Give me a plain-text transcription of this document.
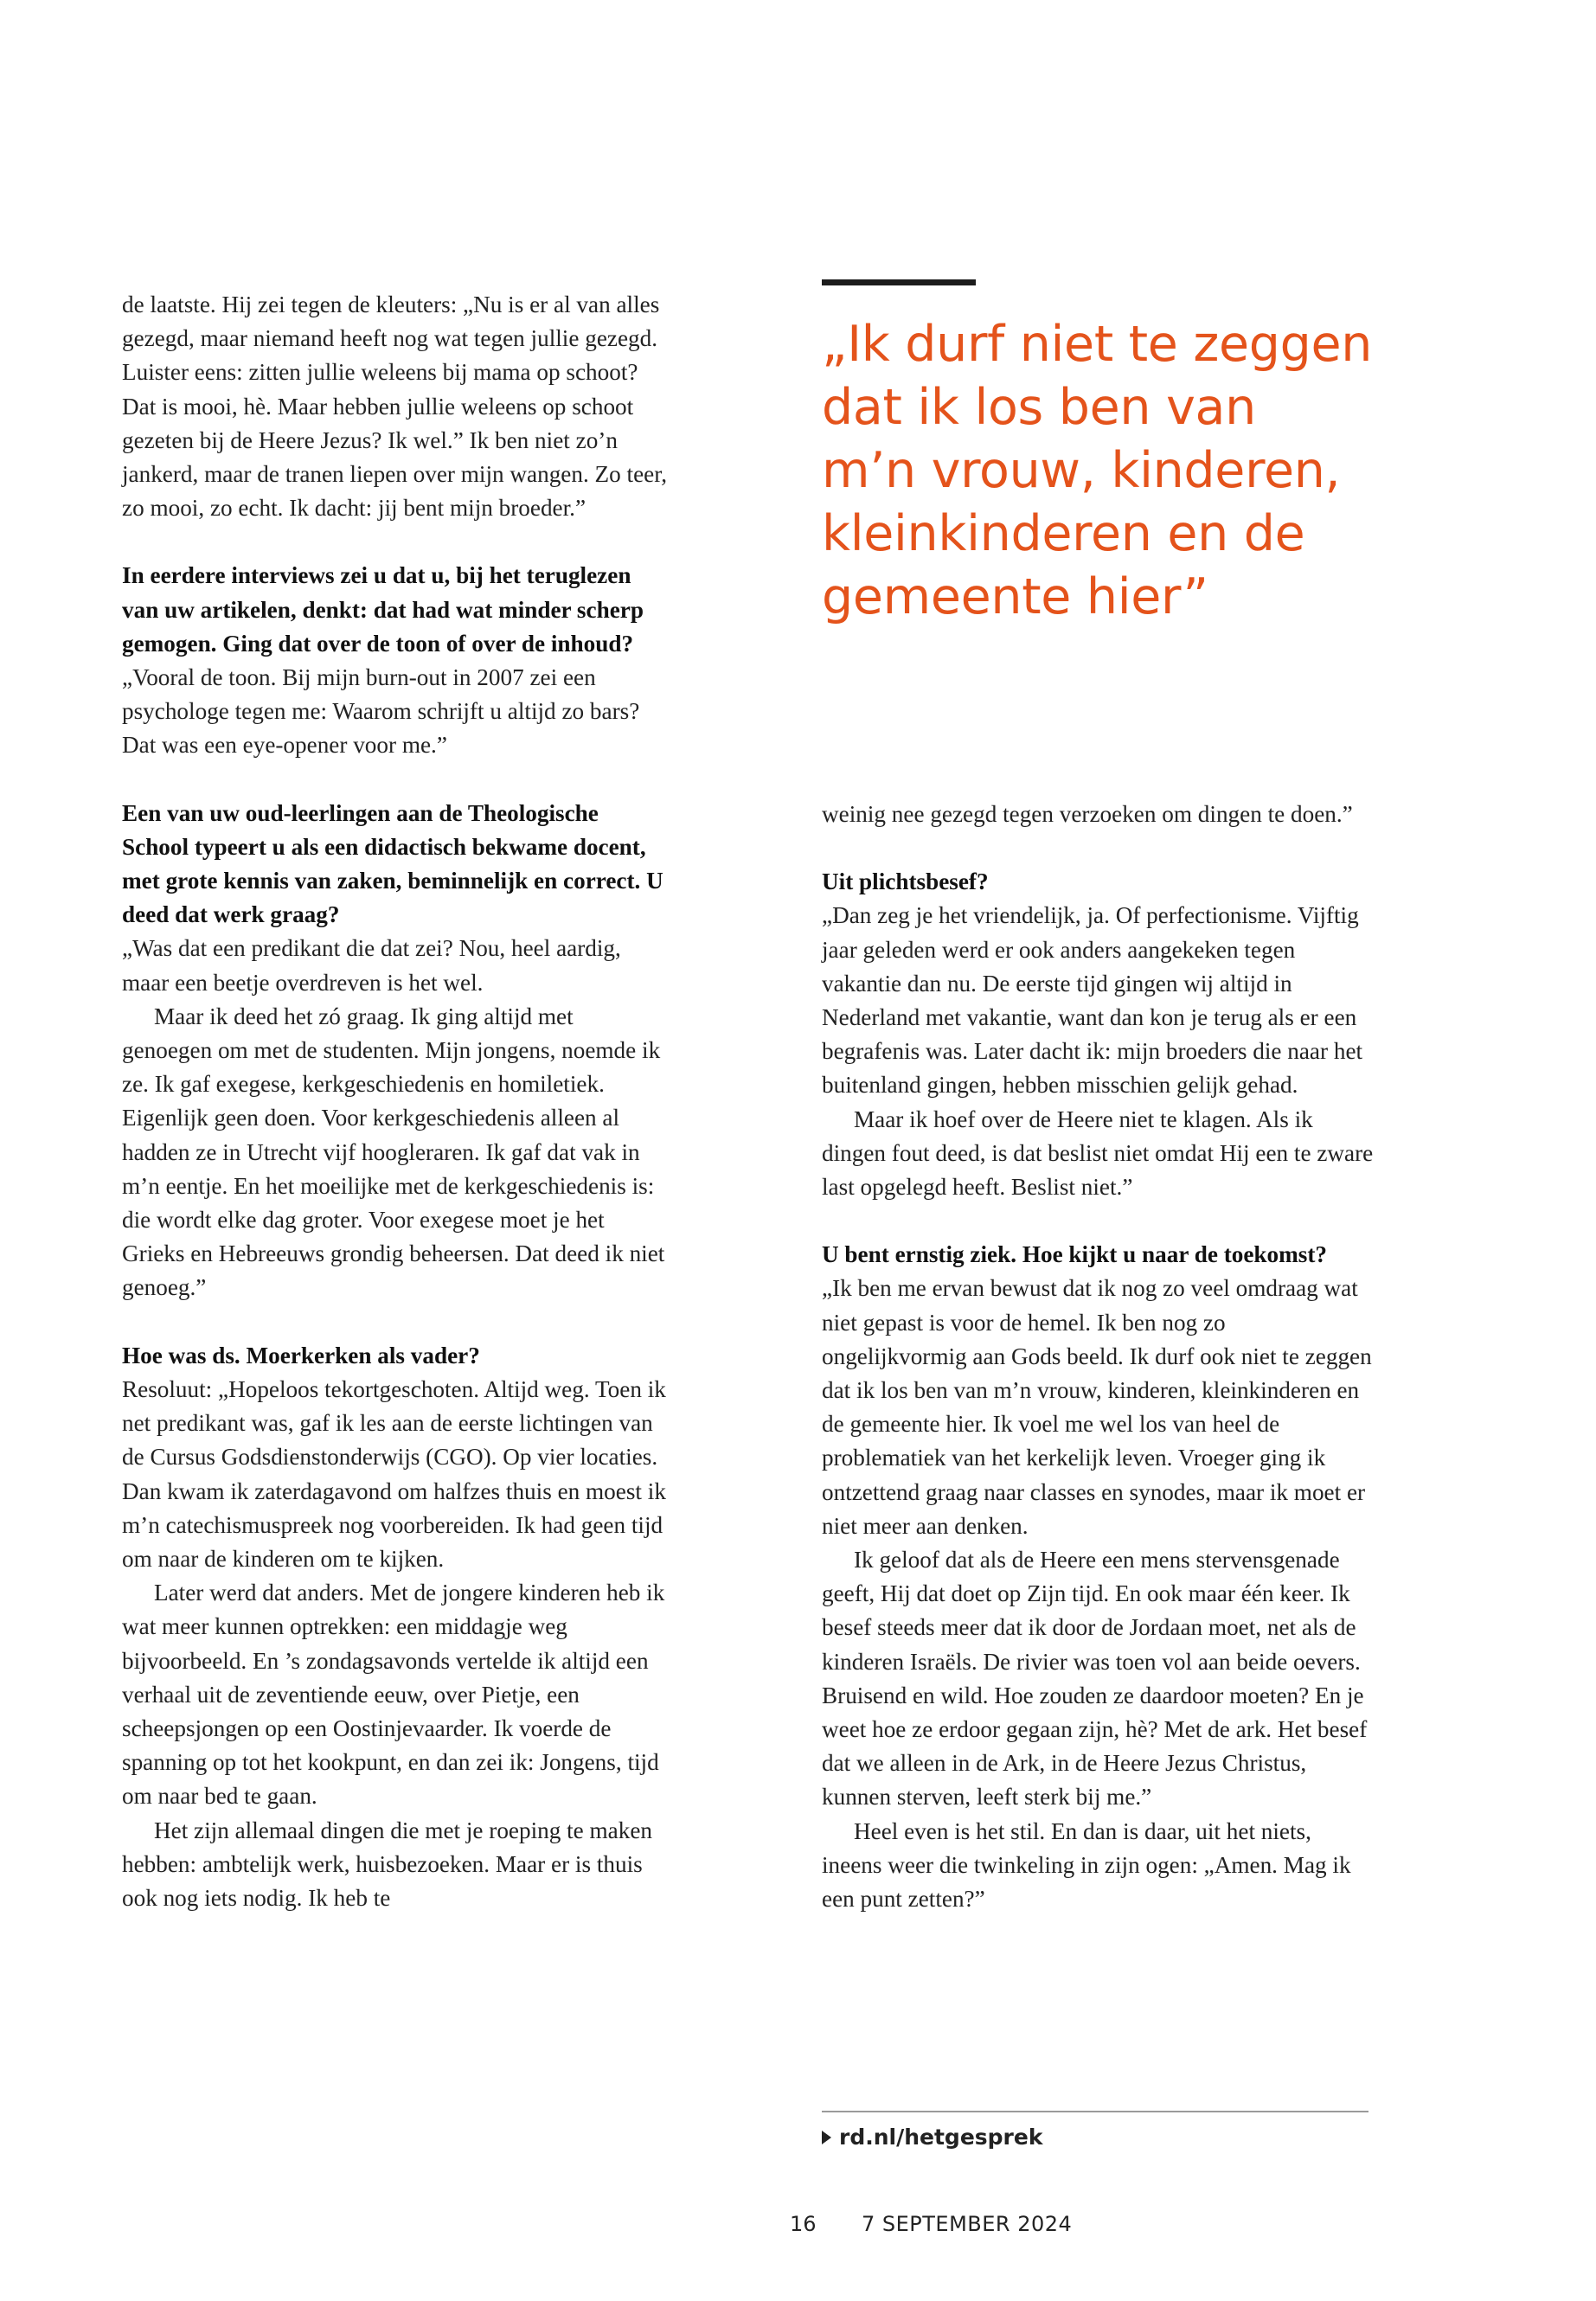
de laatste. Hij zei tegen de kleuters: „Nu is er al van alles gezegd, maar niemand heeft nog wat tegen jullie gezegd. Luister eens: zitten jullie weleens bij mama op schoot? Dat is mooi, hè. Maar hebben jullie weleens op schoot gezeten bij de Heere Jezus? Ik wel.” Ik ben niet zo’n jankerd, maar de tranen liepen over mijn wangen. Zo teer, zo mooi, zo echt. Ik dacht: jij bent mijn broeder.”

In eerdere interviews zei u dat u, bij het teruglezen van uw artikelen, denkt: dat had wat minder scherp gemogen. Ging dat over de toon of over de inhoud?

„Vooral de toon. Bij mijn burn-out in 2007 zei een psychologe tegen me: Waarom schrijft u altijd zo bars? Dat was een eye-opener voor me.”

Een van uw oud-leerlingen aan de Theologische School typeert u als een didactisch bekwame docent, met grote kennis van zaken, beminnelijk en correct. U deed dat werk graag?

„Was dat een predikant die dat zei? Nou, heel aardig, maar een beetje overdreven is het wel.

Maar ik deed het zó graag. Ik ging altijd met genoegen om met de studenten. Mijn jongens, noemde ik ze. Ik gaf exegese, kerkgeschiedenis en homiletiek. Eigenlijk geen doen. Voor kerkgeschiedenis alleen al hadden ze in Utrecht vijf hoogleraren. Ik gaf dat vak in m’n eentje. En het moeilijke met de kerkgeschiedenis is: die wordt elke dag groter. Voor exegese moet je het Grieks en Hebreeuws grondig beheersen. Dat deed ik niet genoeg.”

Hoe was ds. Moerkerken als vader?

Resoluut: „Hopeloos tekortgeschoten. Altijd weg. Toen ik net predikant was, gaf ik les aan de eerste lichtingen van de Cursus Godsdienstonderwijs (CGO). Op vier locaties. Dan kwam ik zaterdagavond om halfzes thuis en moest ik m’n catechismuspreek nog voorbereiden. Ik had geen tijd om naar de kinderen om te kijken.

Later werd dat anders. Met de jongere kinderen heb ik wat meer kunnen optrekken: een middagje weg bijvoorbeeld. En ’s zondagsavonds vertelde ik altijd een verhaal uit de zeventiende eeuw, over Pietje, een scheepsjongen op een Oostinjevaarder. Ik voerde de spanning op tot het kookpunt, en dan zei ik: Jongens, tijd om naar bed te gaan.

Het zijn allemaal dingen die met je roeping te maken hebben: ambtelijk werk, huisbezoeken. Maar er is thuis ook nog iets nodig. Ik heb te

„Ik durf niet te zeggen
dat ik los ben van
m’n vrouw, kinderen,
kleinkinderen en de
gemeente hier”

weinig nee gezegd tegen verzoeken om dingen te doen.”

Uit plichtsbesef?

„Dan zeg je het vriendelijk, ja. Of perfectionisme. Vijftig jaar geleden werd er ook anders aangekeken tegen vakantie dan nu. De eerste tijd gingen wij altijd in Nederland met vakantie, want dan kon je terug als er een begrafenis was. Later dacht ik: mijn broeders die naar het buitenland gingen, hebben misschien gelijk gehad.

Maar ik hoef over de Heere niet te klagen. Als ik dingen fout deed, is dat beslist niet omdat Hij een te zware last opgelegd heeft. Beslist niet.”

U bent ernstig ziek. Hoe kijkt u naar de toekomst?

„Ik ben me ervan bewust dat ik nog zo veel omdraag wat niet gepast is voor de hemel. Ik ben nog zo ongelijkvormig aan Gods beeld. Ik durf ook niet te zeggen dat ik los ben van m’n vrouw, kinderen, kleinkinderen en de gemeente hier. Ik voel me wel los van heel de problematiek van het kerkelijk leven. Vroeger ging ik ontzettend graag naar classes en synodes, maar ik moet er niet meer aan denken.

Ik geloof dat als de Heere een mens stervensgenade geeft, Hij dat doet op Zijn tijd. En ook maar één keer. Ik besef steeds meer dat ik door de Jordaan moet, net als de kinderen Israëls. De rivier was toen vol aan beide oevers. Bruisend en wild. Hoe zouden ze daardoor moeten? En je weet hoe ze erdoor gegaan zijn, hè? Met de ark. Het besef dat we alleen in de Ark, in de Heere Jezus Christus, kunnen sterven, leeft sterk bij me.”

Heel even is het stil. En dan is daar, uit het niets, ineens weer die twinkeling in zijn ogen: „Amen. Mag ik een punt zetten?”

rd.nl/hetgesprek
16 7 SEPTEMBER 2024
